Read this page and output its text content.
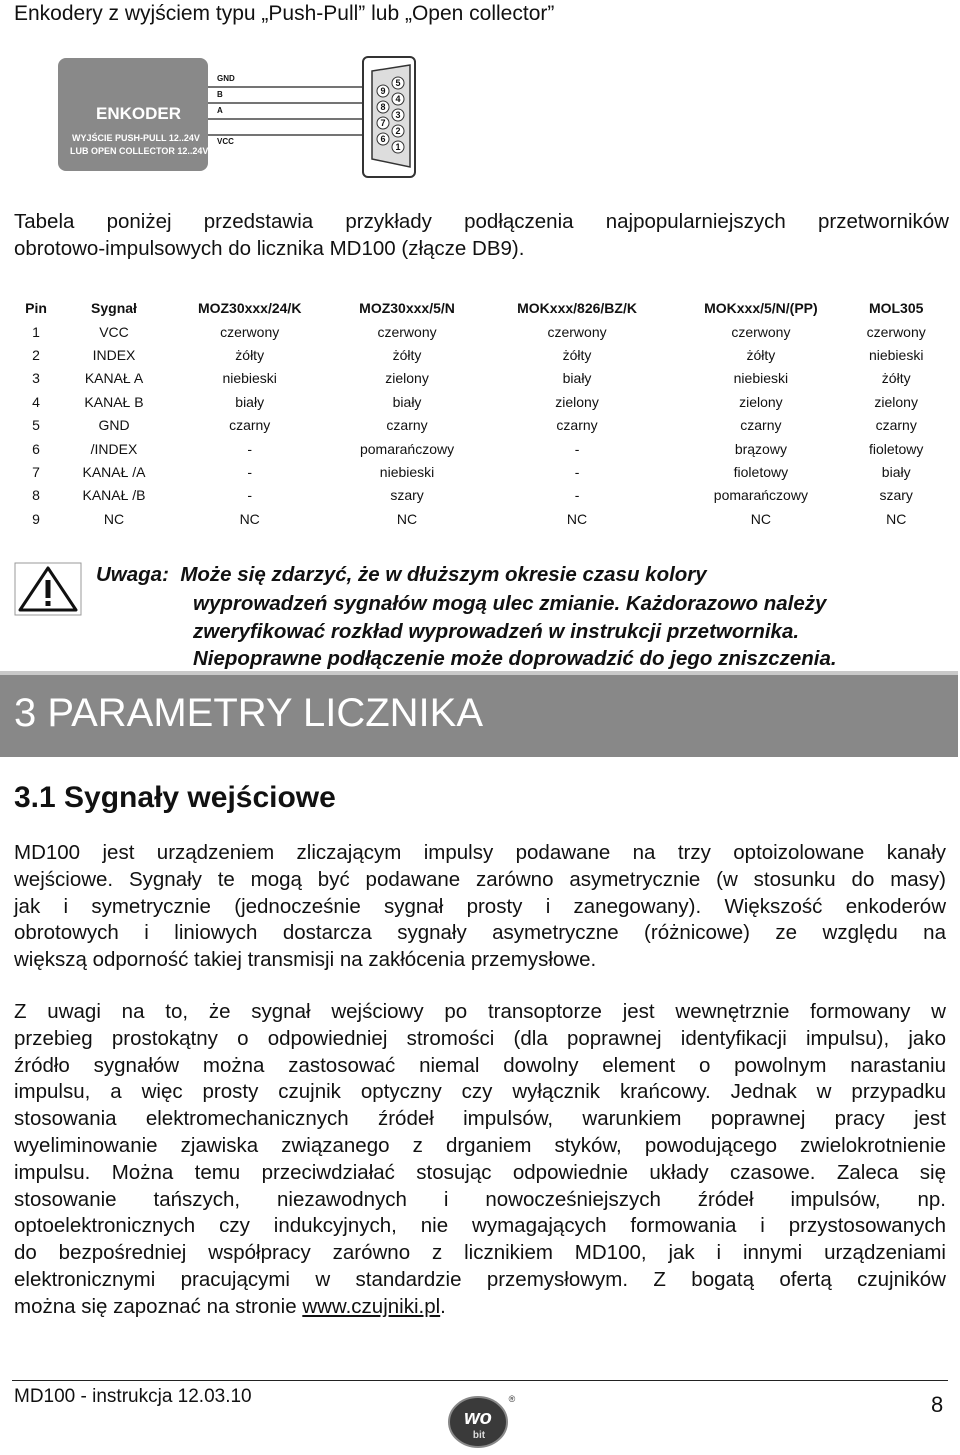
Enkodery z wyjściem typu „Push-Pull” lub „Open collector”
ENKODER
WYJŚCIE PUSH-PULL 12..24V
LUB OPEN COLLECTOR 12..24V
GND
B
A
VCC
5
9
4
8
3
7
2
6
1
Tabela poniżej przedstawia przykłady podłączenia najpopularniejszych przetworników
obrotowo-impulsowych do licznika MD100 (złącze DB9).
Pin	Sygnał	MOZ30xxx/24/K	MOZ30xxx/5/N	MOKxxx/826/BZ/K	MOKxxx/5/N/(PP)	MOL305
1	VCC	czerwony	czerwony	czerwony	czerwony	czerwony
2	INDEX	żółty	żółty	żółty	żółty	niebieski
3	KANAŁ A	niebieski	zielony	biały	niebieski	żółty
4	KANAŁ B	biały	biały	zielony	zielony	zielony
5	GND	czarny	czarny	czarny	czarny	czarny
6	/INDEX	-	pomarańczowy	-	brązowy	fioletowy
7	KANAŁ /A	-	niebieski	-	fioletowy	biały
8	KANAŁ /B	-	szary	-	pomarańczowy	szary
9	NC	NC	NC	NC	NC	NC
Uwaga: Może się zdarzyć, że w dłuższym okresie czasu kolory
wyprowadzeń sygnałów mogą ulec zmianie. Każdorazowo należy
zweryfikować rozkład wyprowadzeń w instrukcji przetwornika.
Niepoprawne podłączenie może doprowadzić do jego zniszczenia.
3 PARAMETRY LICZNIKA
3.1 Sygnały wejściowe
MD100 jest urządzeniem zliczającym impulsy podawane na trzy optoizolowane kanały
wejściowe. Sygnały te mogą być podawane zarówno asymetrycznie (w stosunku do masy)
jak i symetrycznie (jednocześnie sygnał prosty i zanegowany). Większość enkoderów
obrotowych i liniowych dostarcza sygnały asymetryczne (różnicowe) ze względu na
większą odporność takiej transmisji na zakłócenia przemysłowe.
Z uwagi na to, że sygnał wejściowy po transoptorze jest wewnętrznie formowany w
przebieg prostokątny o odpowiedniej stromości (dla poprawnej identyfikacji impulsu), jako
źródło sygnałów można zastosować niemal dowolny element o powolnym narastaniu
impulsu, a więc prosty czujnik optyczny czy wyłącznik krańcowy. Jednak w przypadku
stosowania elektromechanicznych źródeł impulsów, warunkiem poprawnej pracy jest
wyeliminowanie zjawiska związanego z drganiem styków, powodującego zwielokrotnienie
impulsu. Można temu przeciwdziałać stosując odpowiednie układy czasowe. Zaleca się
stosowanie tańszych, niezawodnych i nowocześniejszych źródeł impulsów, np.
optoelektronicznych czy indukcyjnych, nie wymagających formowania i przystosowanych
do bezpośredniej współpracy zarówno z licznikiem MD100, jak i innymi urządzeniami
elektronicznymi pracującymi w standardzie przemysłowym. Z bogatą ofertą czujników
można się zapoznać na stronie www.czujniki.pl.
MD100 - instrukcja 12.03.10	8
wo
bit
®
